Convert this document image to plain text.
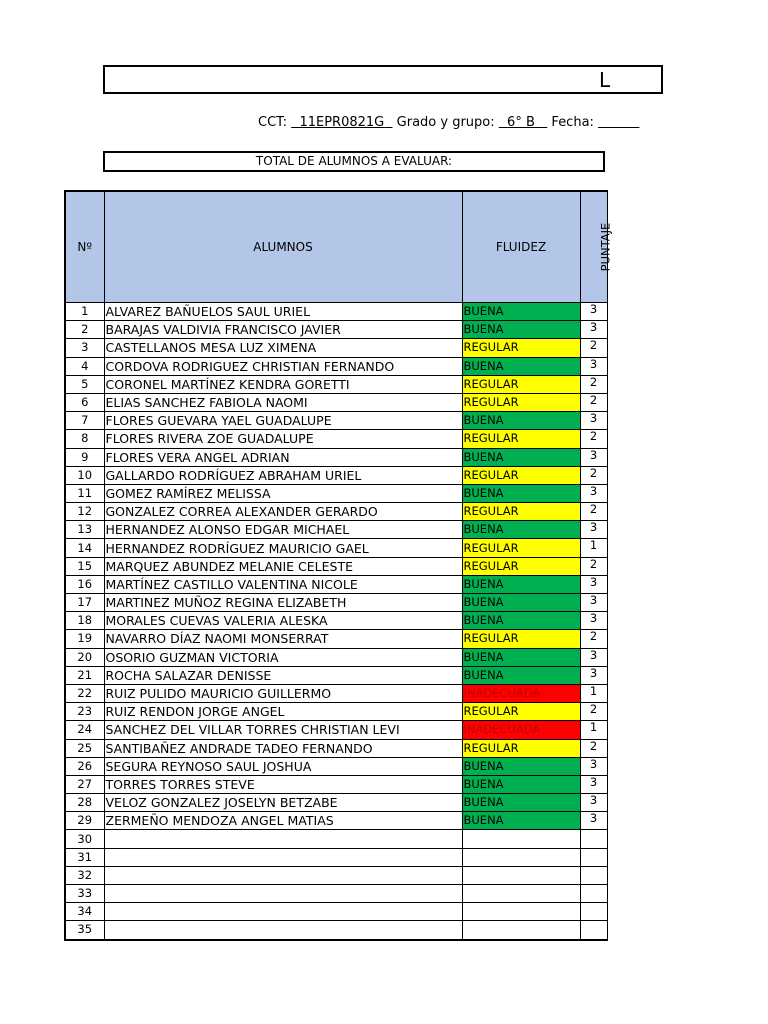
L
CCT: 11EPR0821G Grado y grupo: 6° B Fecha:
TOTAL DE ALUMNOS A EVALUAR:
Nº	ALUMNOS	FLUIDEZ	PUNTAJE
1	ALVAREZ BAÑUELOS SAUL URIEL	BUENA	3
2	BARAJAS VALDIVIA FRANCISCO JAVIER	BUENA	3
3	CASTELLANOS MESA LUZ XIMENA	REGULAR	2
4	CORDOVA RODRIGUEZ CHRISTIAN FERNANDO	BUENA	3
5	CORONEL MARTÍNEZ KENDRA GORETTI	REGULAR	2
6	ELIAS SANCHEZ FABIOLA NAOMI	REGULAR	2
7	FLORES GUEVARA YAEL GUADALUPE	BUENA	3
8	FLORES RIVERA ZOE GUADALUPE	REGULAR	2
9	FLORES VERA ANGEL ADRIAN	BUENA	3
10	GALLARDO RODRÍGUEZ ABRAHAM URIEL	REGULAR	2
11	GOMEZ RAMÍREZ MELISSA	BUENA	3
12	GONZALEZ CORREA ALEXANDER GERARDO	REGULAR	2
13	HERNANDEZ ALONSO EDGAR MICHAEL	BUENA	3
14	HERNANDEZ RODRÍGUEZ MAURICIO GAEL	REGULAR	1
15	MARQUEZ ABUNDEZ MELANIE CELESTE	REGULAR	2
16	MARTÍNEZ CASTILLO VALENTINA NICOLE	BUENA	3
17	MARTINEZ MUÑOZ REGINA ELIZABETH	BUENA	3
18	MORALES CUEVAS VALERIA ALESKA	BUENA	3
19	NAVARRO DÍAZ NAOMI MONSERRAT	REGULAR	2
20	OSORIO GUZMAN VICTORIA	BUENA	3
21	ROCHA SALAZAR DENISSE	BUENA	3
22	RUIZ PULIDO MAURICIO GUILLERMO	INADECUADA	1
23	RUIZ RENDON JORGE ANGEL	REGULAR	2
24	SANCHEZ DEL VILLAR TORRES CHRISTIAN LEVI	INADECUADA	1
25	SANTIBAÑEZ ANDRADE TADEO FERNANDO	REGULAR	2
26	SEGURA REYNOSO SAUL JOSHUA	BUENA	3
27	TORRES TORRES STEVE	BUENA	3
28	VELOZ GONZALEZ JOSELYN BETZABE	BUENA	3
29	ZERMEÑO MENDOZA ANGEL MATIAS	BUENA	3
30			
31			
32			
33			
34			
35			
